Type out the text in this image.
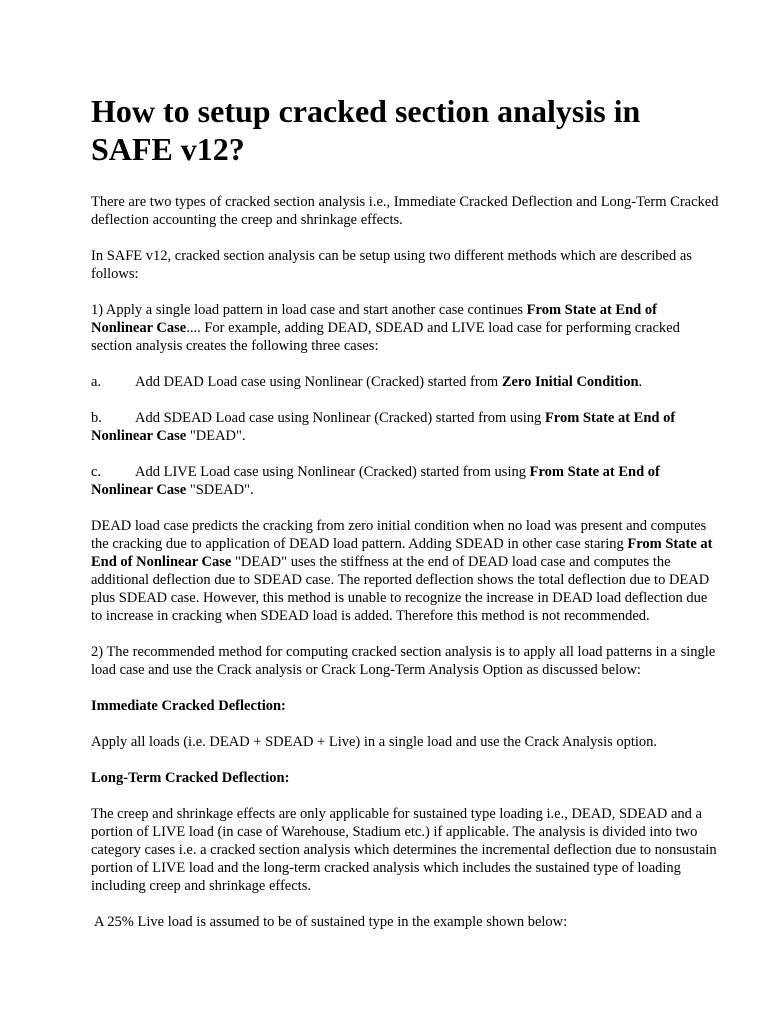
How to setup cracked section analysis in SAFE v12?

There are two types of cracked section analysis i.e., Immediate Cracked Deflection and Long-Term Cracked deflection accounting the creep and shrinkage effects.

In SAFE v12, cracked section analysis can be setup using two different methods which are described as follows:

1) Apply a single load pattern in load case and start another case continues From State at End of Nonlinear Case.... For example, adding DEAD, SDEAD and LIVE load case for performing cracked section analysis creates the following three cases:

a. Add DEAD Load case using Nonlinear (Cracked) started from Zero Initial Condition.
b. Add SDEAD Load case using Nonlinear (Cracked) started from using From State at End of Nonlinear Case "DEAD".
c. Add LIVE Load case using Nonlinear (Cracked) started from using From State at End of Nonlinear Case "SDEAD".

DEAD load case predicts the cracking from zero initial condition when no load was present and computes the cracking due to application of DEAD load pattern. Adding SDEAD in other case staring From State at End of Nonlinear Case "DEAD" uses the stiffness at the end of DEAD load case and computes the additional deflection due to SDEAD case. The reported deflection shows the total deflection due to DEAD plus SDEAD case. However, this method is unable to recognize the increase in DEAD load deflection due to increase in cracking when SDEAD load is added. Therefore this method is not recommended.

2) The recommended method for computing cracked section analysis is to apply all load patterns in a single load case and use the Crack analysis or Crack Long-Term Analysis Option as discussed below:

Immediate Cracked Deflection:

Apply all loads (i.e. DEAD + SDEAD + Live) in a single load and use the Crack Analysis option.

Long-Term Cracked Deflection:

The creep and shrinkage effects are only applicable for sustained type loading i.e., DEAD, SDEAD and a portion of LIVE load (in case of Warehouse, Stadium etc.) if applicable. The analysis is divided into two category cases i.e. a cracked section analysis which determines the incremental deflection due to nonsustain portion of LIVE load and the long-term cracked analysis which includes the sustained type of loading including creep and shrinkage effects.

A 25% Live load is assumed to be of sustained type in the example shown below:
